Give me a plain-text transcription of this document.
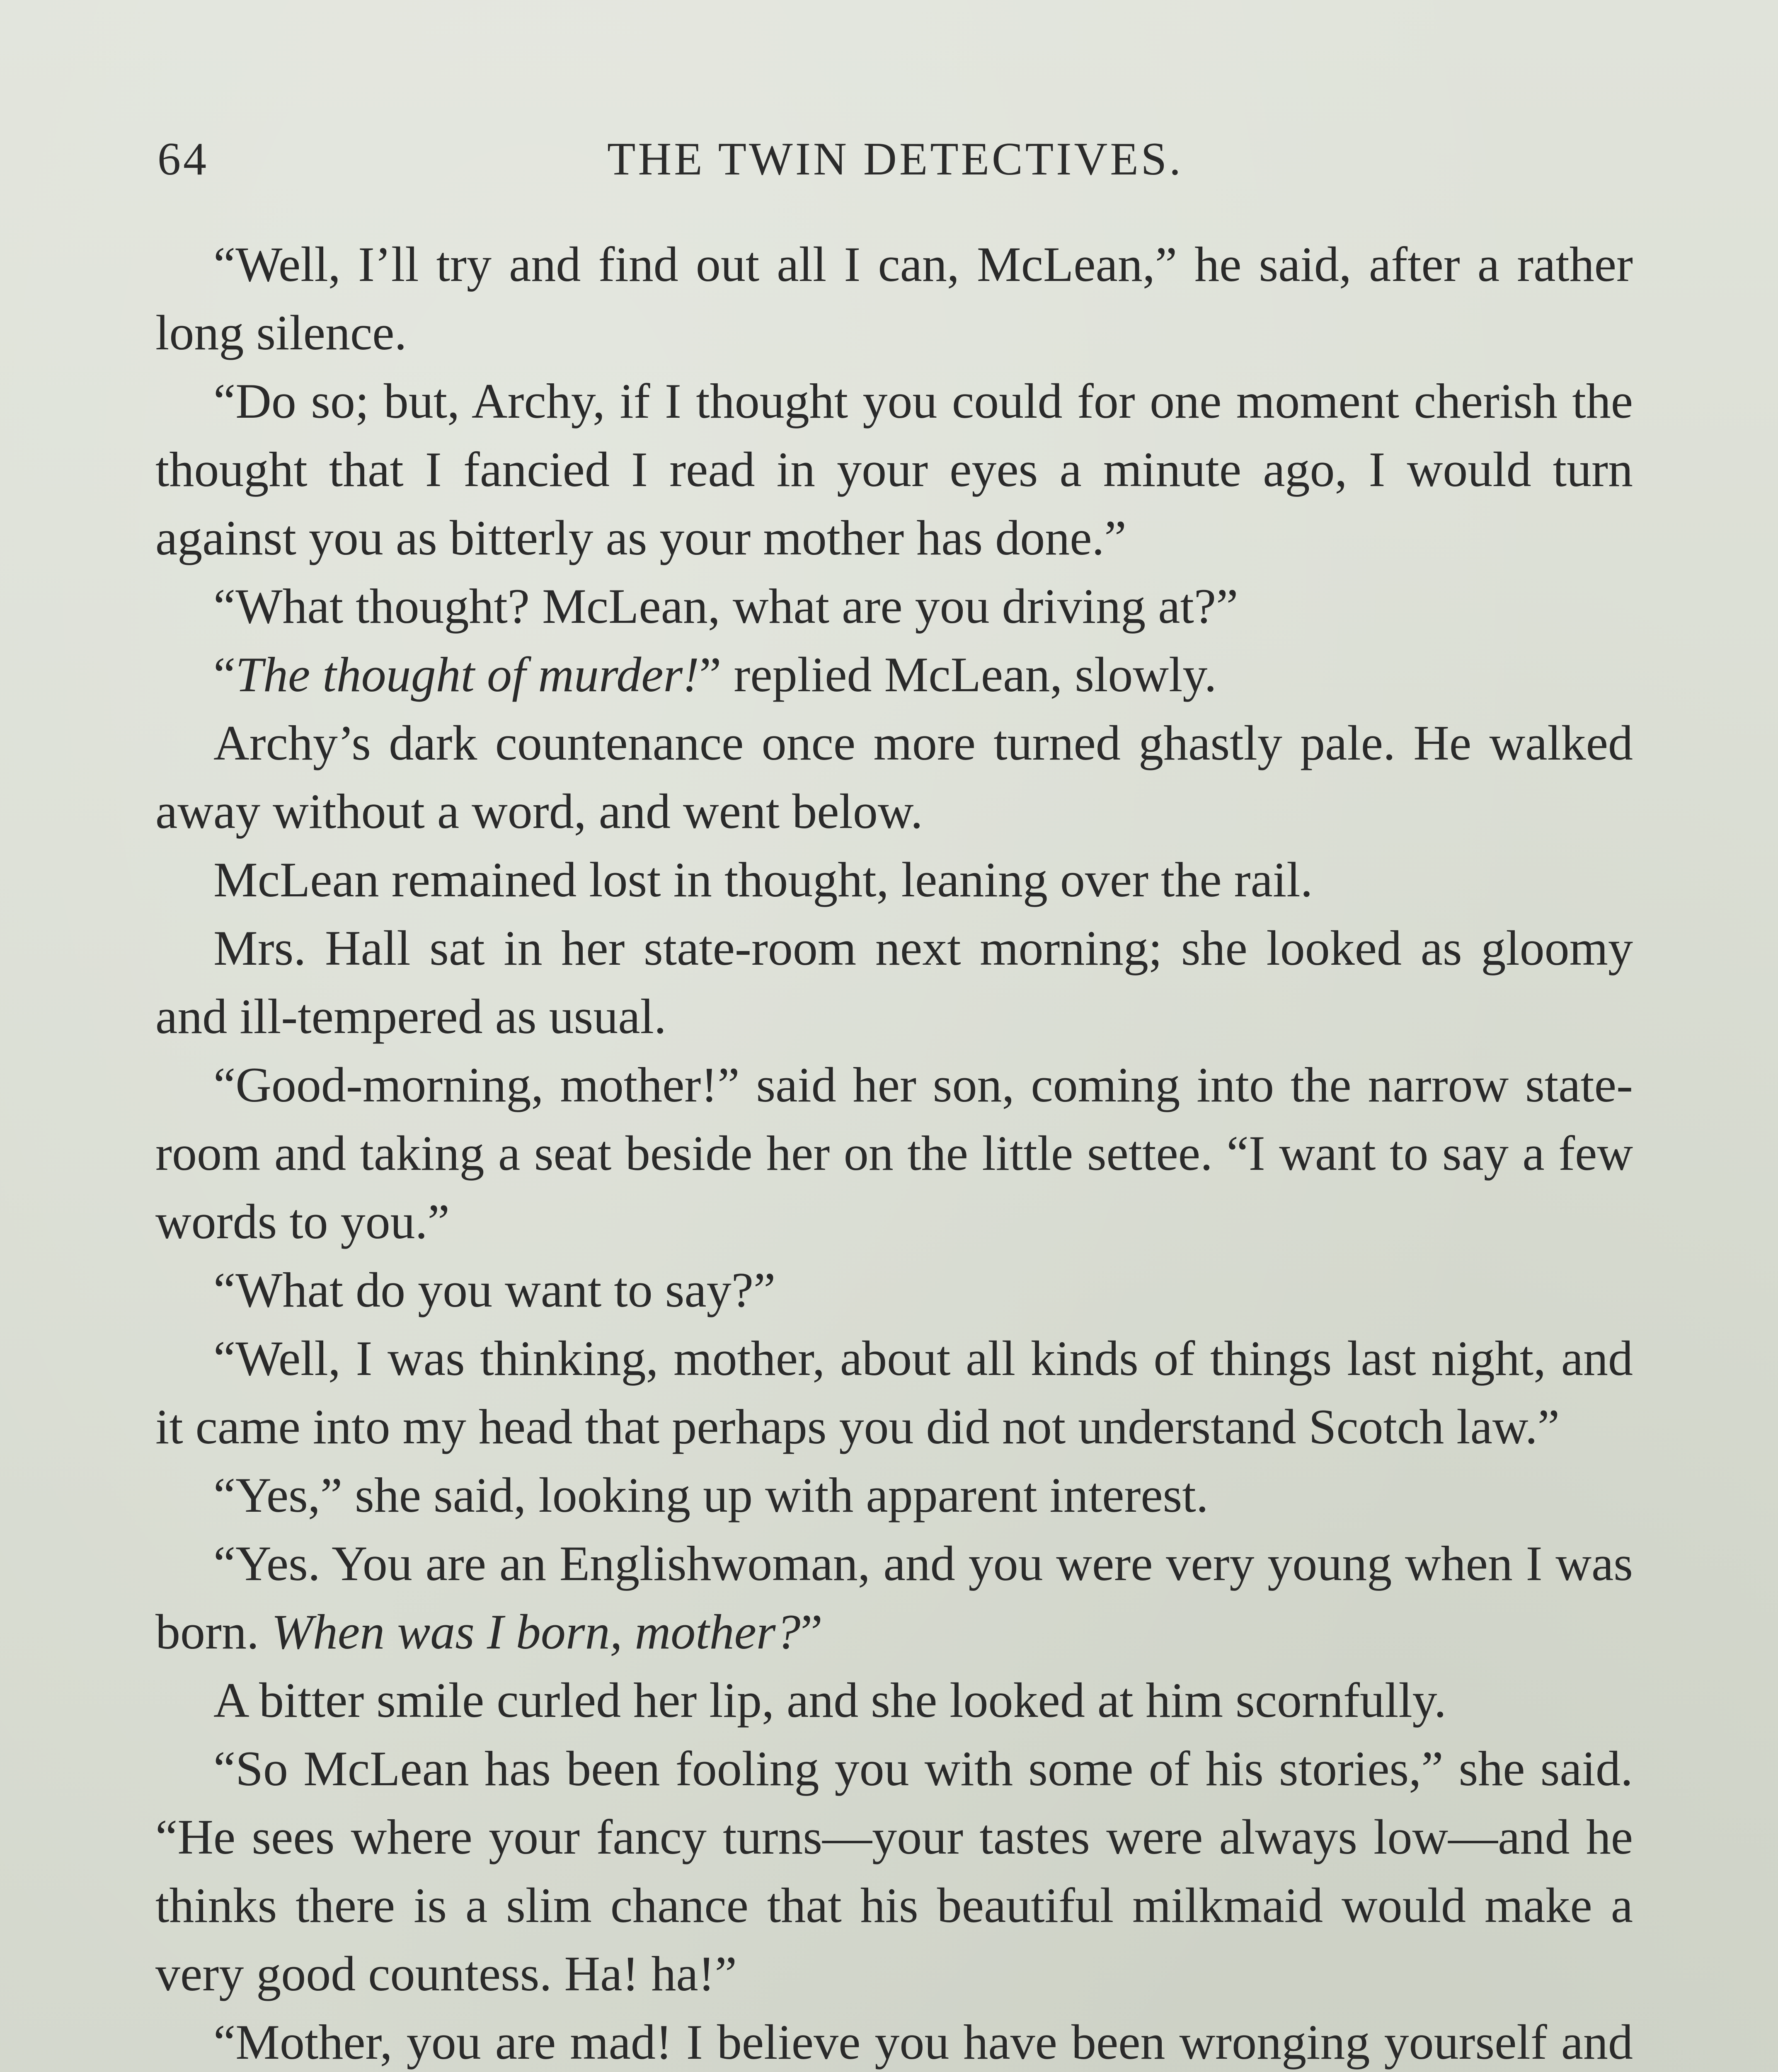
64	THE TWIN DETECTIVES.

“Well, I’ll try and find out all I can, McLean,” he said, after a rather long silence.

“Do so; but, Archy, if I thought you could for one moment cherish the thought that I fancied I read in your eyes a minute ago, I would turn against you as bitterly as your mother has done.”

“What thought? McLean, what are you driving at?”

“The thought of murder!” replied McLean, slowly.

Archy’s dark countenance once more turned ghastly pale. He walked away without a word, and went below.

McLean remained lost in thought, leaning over the rail.

Mrs. Hall sat in her state-room next morning; she looked as gloomy and ill-tempered as usual.

“Good-morning, mother!” said her son, coming into the narrow state-room and taking a seat beside her on the little settee. “I want to say a few words to you.”

“What do you want to say?”

“Well, I was thinking, mother, about all kinds of things last night, and it came into my head that perhaps you did not understand Scotch law.”

“Yes,” she said, looking up with apparent interest.

“Yes. You are an Englishwoman, and you were very young when I was born. When was I born, mother?”

A bitter smile curled her lip, and she looked at him scornfully.

“So McLean has been fooling you with some of his stories,” she said. “He sees where your fancy turns—your tastes were always low—and he thinks there is a slim chance that his beautiful milkmaid would make a very good countess. Ha! ha!”

“Mother, you are mad! I believe you have been wronging yourself and
